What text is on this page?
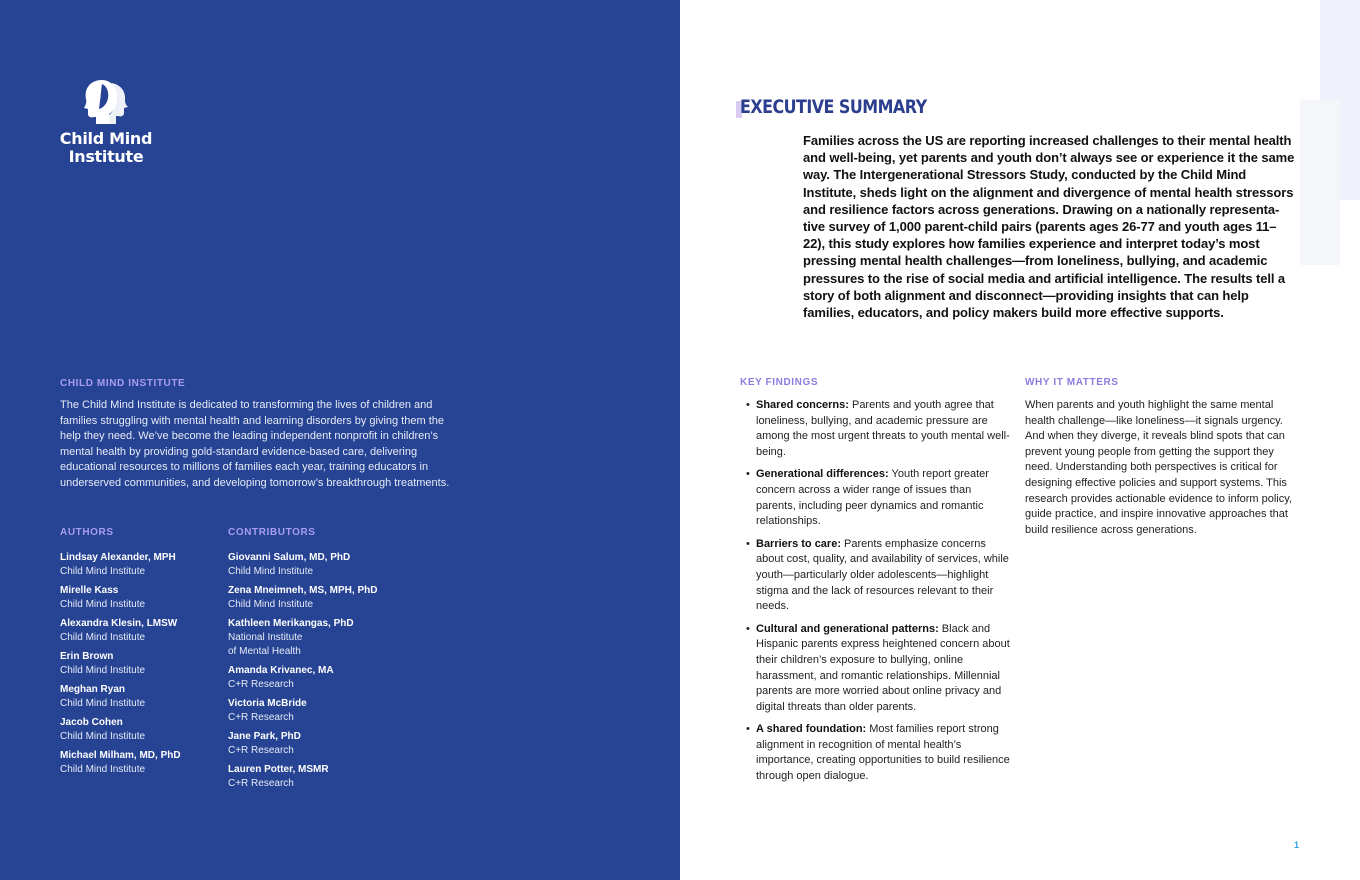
Child Mind
Institute
CHILD MIND INSTITUTE
The Child Mind Institute is dedicated to transforming the lives of children and families struggling with mental health and learning disorders by giving them the help they need. We’ve become the leading independent nonprofit in children’s mental health by providing gold-standard evidence-based care, delivering educational resources to millions of families each year, training educators in underserved communities, and developing tomorrow’s breakthrough treatments.
AUTHORS	CONTRIBUTORS
Lindsay Alexander, MPH
Child Mind Institute
Mirelle Kass
Child Mind Institute
Alexandra Klesin, LMSW
Child Mind Institute
Erin Brown
Child Mind Institute
Meghan Ryan
Child Mind Institute
Jacob Cohen
Child Mind Institute
Michael Milham, MD, PhD
Child Mind Institute
Giovanni Salum, MD, PhD
Child Mind Institute
Zena Mneimneh, MS, MPH, PhD
Child Mind Institute
Kathleen Merikangas, PhD
National Institute
of Mental Health
Amanda Krivanec, MA
C+R Research
Victoria McBride
C+R Research
Jane Park, PhD
C+R Research
Lauren Potter, MSMR
C+R Research
EXECUTIVE SUMMARY
Families across the US are reporting increased challenges to their mental health and well-being, yet parents and youth don’t always see or experience it the same way. The Intergenerational Stressors Study, conducted by the Child Mind Institute, sheds light on the alignment and divergence of mental health stressors and resilience factors across generations. Drawing on a nationally representa-tive survey of 1,000 parent-child pairs (parents ages 26-77 and youth ages 11–22), this study explores how families experience and interpret today’s most pressing mental health challenges—from loneliness, bullying, and academic pressures to the rise of social media and artificial intelligence. The results tell a story of both alignment and disconnect—providing insights that can help families, educators, and policy makers build more effective supports.
KEY FINDINGS
• Shared concerns: Parents and youth agree that loneliness, bullying, and academic pressure are among the most urgent threats to youth mental well-being.
• Generational differences: Youth report greater concern across a wider range of issues than parents, including peer dynamics and romantic relationships.
• Barriers to care: Parents emphasize concerns about cost, quality, and availability of services, while youth—particularly older adolescents—highlight stigma and the lack of resources relevant to their needs.
• Cultural and generational patterns: Black and Hispanic parents express heightened concern about their children’s exposure to bullying, online harassment, and romantic relationships. Millennial parents are more worried about online privacy and digital threats than older parents.
• A shared foundation: Most families report strong alignment in recognition of mental health’s importance, creating opportunities to build resilience through open dialogue.
WHY IT MATTERS
When parents and youth highlight the same mental health challenge—like loneliness—it signals urgency. And when they diverge, it reveals blind spots that can prevent young people from getting the support they need. Understanding both perspectives is critical for designing effective policies and support systems. This research provides actionable evidence to inform policy, guide practice, and inspire innovative approaches that build resilience across generations.
1
